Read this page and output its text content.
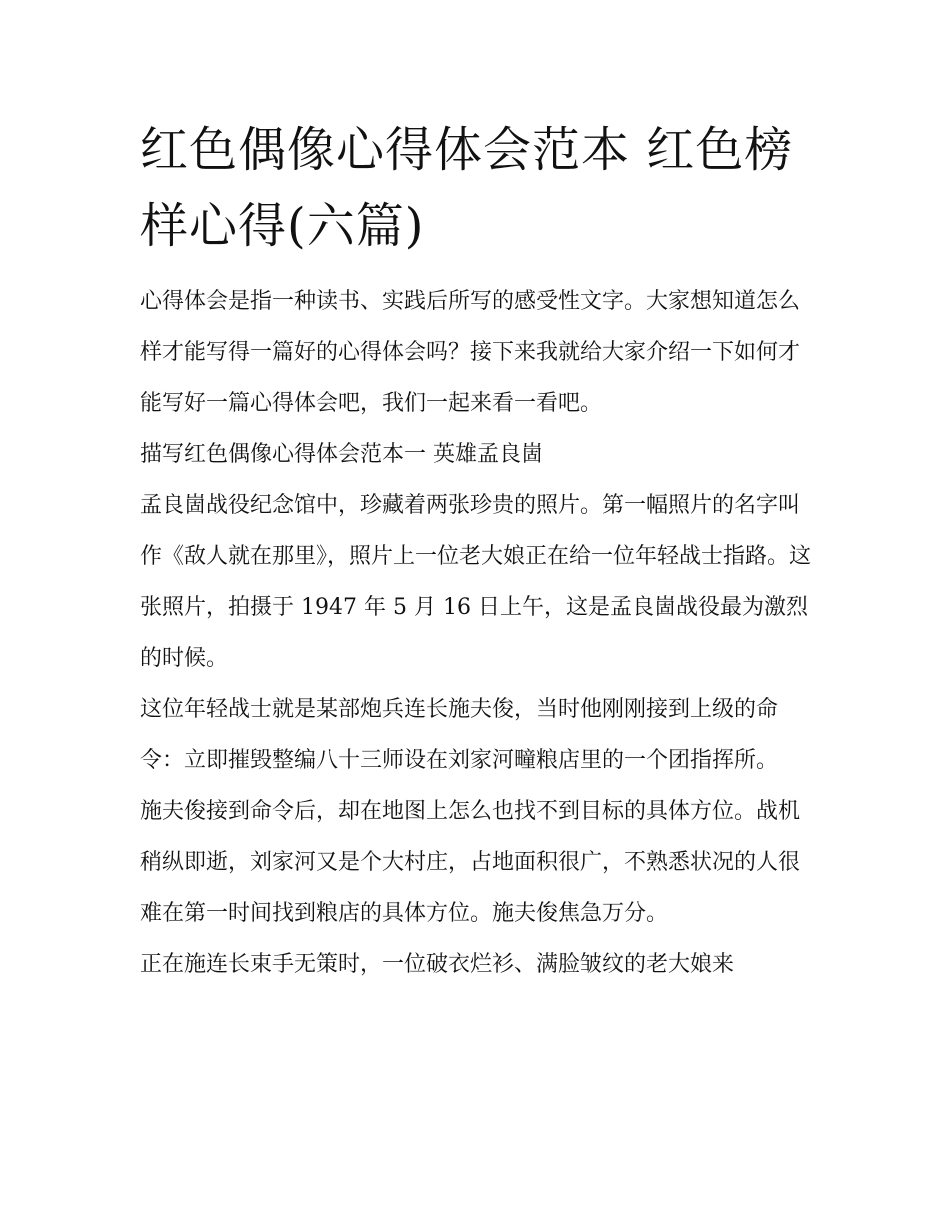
红色偶像心得体会范本 红色榜样心得(六篇)

心得体会是指一种读书、实践后所写的感受性文字。大家想知道怎么样才能写得一篇好的心得体会吗？接下来我就给大家介绍一下如何才能写好一篇心得体会吧，我们一起来看一看吧。

描写红色偶像心得体会范本一 英雄孟良崮

孟良崮战役纪念馆中，珍藏着两张珍贵的照片。第一幅照片的名字叫作《敌人就在那里》，照片上一位老大娘正在给一位年轻战士指路。这张照片，拍摄于 1947 年 5 月 16 日上午，这是孟良崮战役最为激烈的时候。

这位年轻战士就是某部炮兵连长施夫俊，当时他刚刚接到上级的命令：立即摧毁整编八十三师设在刘家河疃粮店里的一个团指挥所。

施夫俊接到命令后，却在地图上怎么也找不到目标的具体方位。战机稍纵即逝，刘家河又是个大村庄，占地面积很广，不熟悉状况的人很难在第一时间找到粮店的具体方位。施夫俊焦急万分。

正在施连长束手无策时，一位破衣烂衫、满脸皱纹的老大娘来
